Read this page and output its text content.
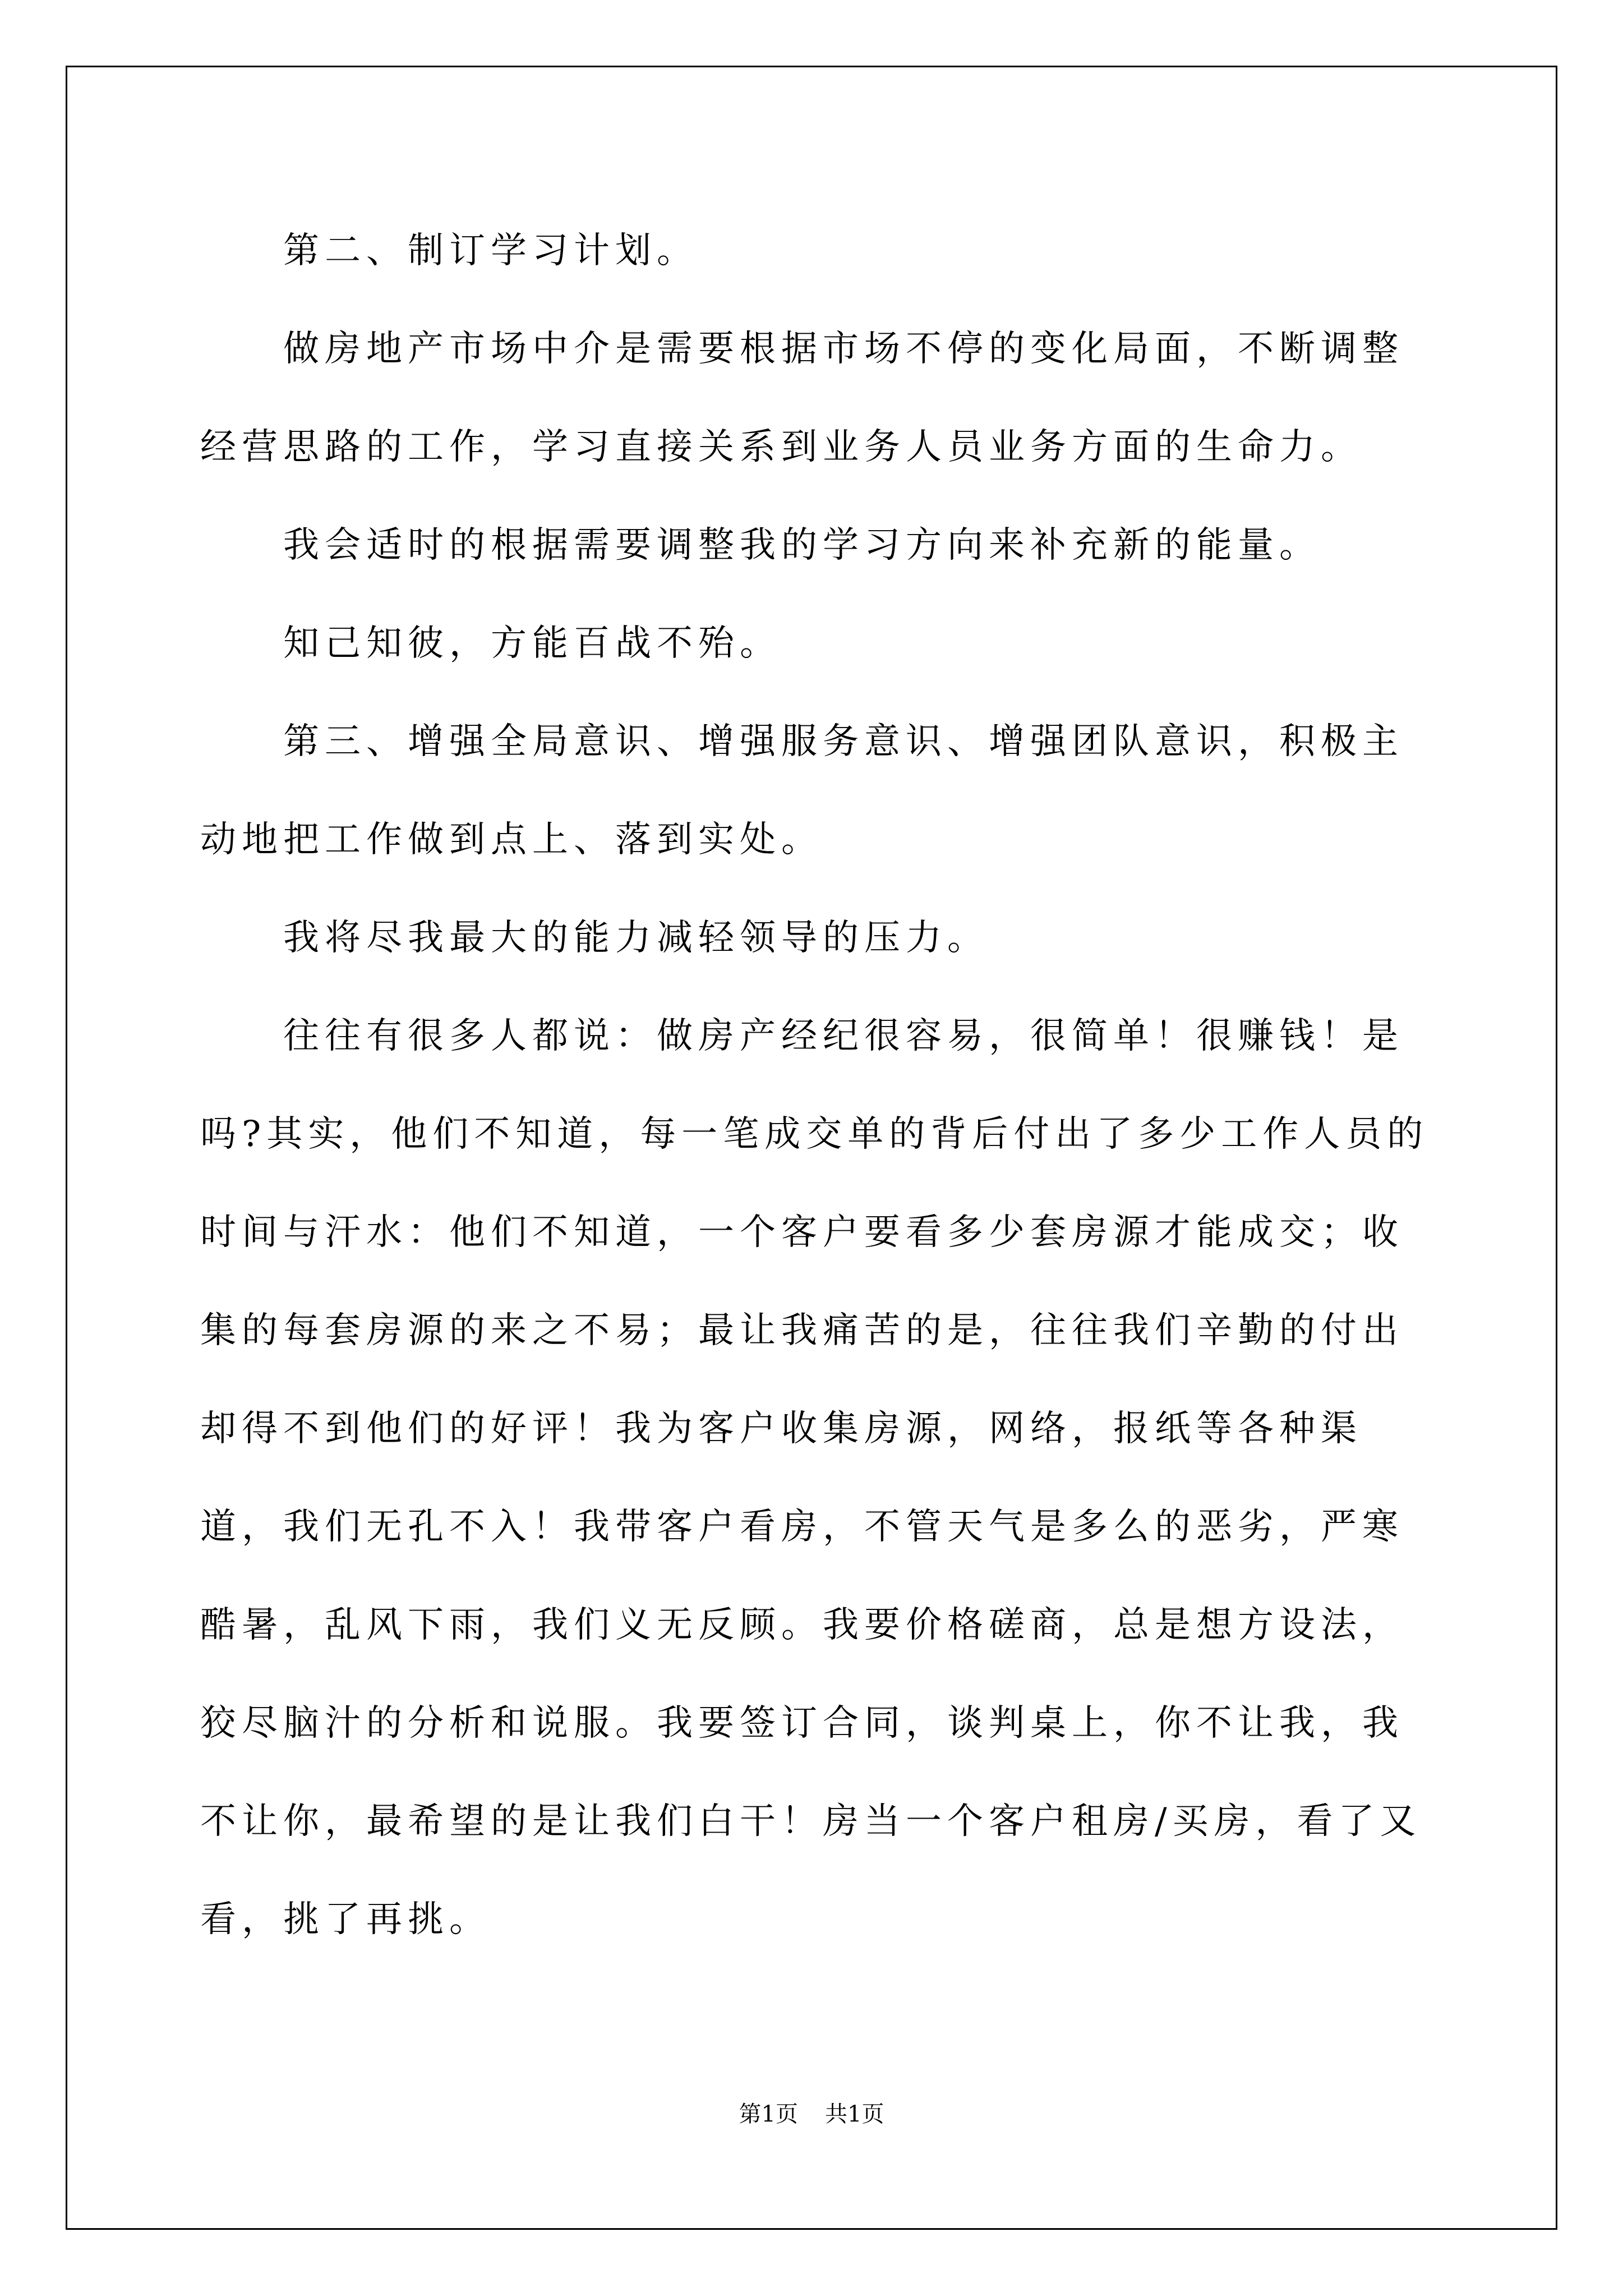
第二、制订学习计划。

做房地产市场中介是需要根据市场不停的变化局面，不断调整经营思路的工作，学习直接关系到业务人员业务方面的生命力。

我会适时的根据需要调整我的学习方向来补充新的能量。

知己知彼，方能百战不殆。

第三、增强全局意识、增强服务意识、增强团队意识，积极主动地把工作做到点上、落到实处。

我将尽我最大的能力减轻领导的压力。

往往有很多人都说：做房产经纪很容易，很简单！很赚钱！是吗?其实，他们不知道，每一笔成交单的背后付出了多少工作人员的时间与汗水：他们不知道，一个客户要看多少套房源才能成交；收集的每套房源的来之不易；最让我痛苦的是，往往我们辛勤的付出却得不到他们的好评！我为客户收集房源，网络，报纸等各种渠道，我们无孔不入！我带客户看房，不管天气是多么的恶劣，严寒酷暑，乱风下雨，我们义无反顾。我要价格磋商，总是想方设法，狡尽脑汁的分析和说服。我要签订合同，谈判桌上，你不让我，我不让你，最希望的是让我们白干！房当一个客户租房/买房，看了又看，挑了再挑。

第1页 共1页
